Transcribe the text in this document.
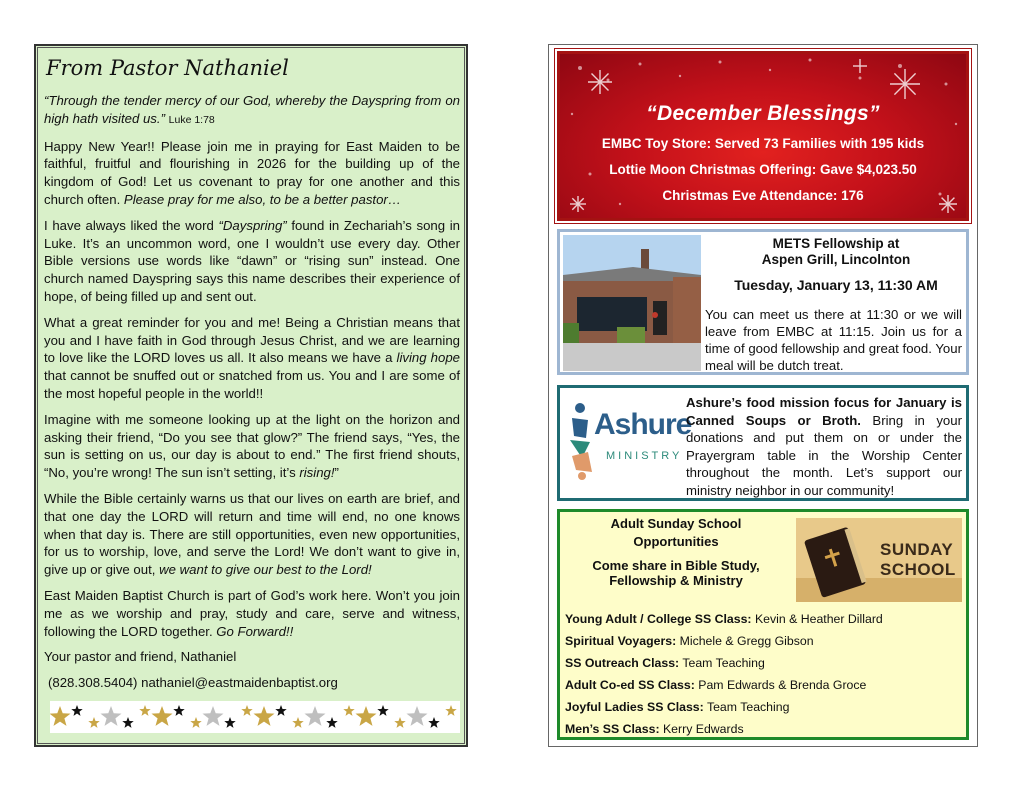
From Pastor Nathaniel

“Through the tender mercy of our God, whereby the Dayspring from on high hath visited us.” Luke 1:78

Happy New Year!! Please join me in praying for East Maiden to be faithful, fruitful and flourishing in 2026 for the building up of the kingdom of God! Let us covenant to pray for one another and this church often. Please pray for me also, to be a better pastor…

I have always liked the word “Dayspring” found in Zechariah’s song in Luke. It’s an uncommon word, one I wouldn’t use every day. Other Bible versions use words like “dawn” or “rising sun” instead. One church named Dayspring says this name describes their experience of hope, of being filled up and sent out.

What a great reminder for you and me! Being a Christian means that you and I have faith in God through Jesus Christ, and we are learning to love like the LORD loves us all. It also means we have a living hope that cannot be snuffed out or snatched from us. You and I are some of the most hopeful people in the world!!

Imagine with me someone looking up at the light on the horizon and asking their friend, “Do you see that glow?” The friend says, “Yes, the sun is setting on us, our day is about to end.” The first friend shouts, “No, you’re wrong! The sun isn’t setting, it’s rising!”

While the Bible certainly warns us that our lives on earth are brief, and that one day the LORD will return and time will end, no one knows when that day is. There are still opportunities, even new opportunities, for us to worship, love, and serve the Lord! We don’t want to give in, give up or give out, we want to give our best to the Lord!

East Maiden Baptist Church is part of God’s work here. Won’t you join me as we worship and pray, study and care, serve and witness, following the LORD together. Go Forward!!

Your pastor and friend, Nathaniel

(828.308.5404) nathaniel@eastmaidenbaptist.org

“December Blessings”
EMBC Toy Store: Served 73 Families with 195 kids
Lottie Moon Christmas Offering: Gave $4,023.50
Christmas Eve Attendance: 176
METS Fellowship at
Aspen Grill, Lincolnton
Tuesday, January 13, 11:30 AM
You can meet us there at 11:30 or we will leave from EMBC at 11:15. Join us for a time of good fellowship and great food. Your meal will be dutch treat.
Ashure
MINISTRY
Ashure’s food mission focus for January is Canned Soups or Broth. Bring in your donations and put them on or under the Prayergram table in the Worship Center throughout the month. Let’s support our ministry neighbor in our community!
Adult Sunday School
Opportunities
Come share in Bible Study,
Fellowship & Ministry
SUNDAY
SCHOOL
Young Adult / College SS Class: Kevin & Heather Dillard
Spiritual Voyagers: Michele & Gregg Gibson
SS Outreach Class: Team Teaching
Adult Co-ed SS Class: Pam Edwards & Brenda Groce
Joyful Ladies SS Class: Team Teaching
Men’s SS Class: Kerry Edwards
